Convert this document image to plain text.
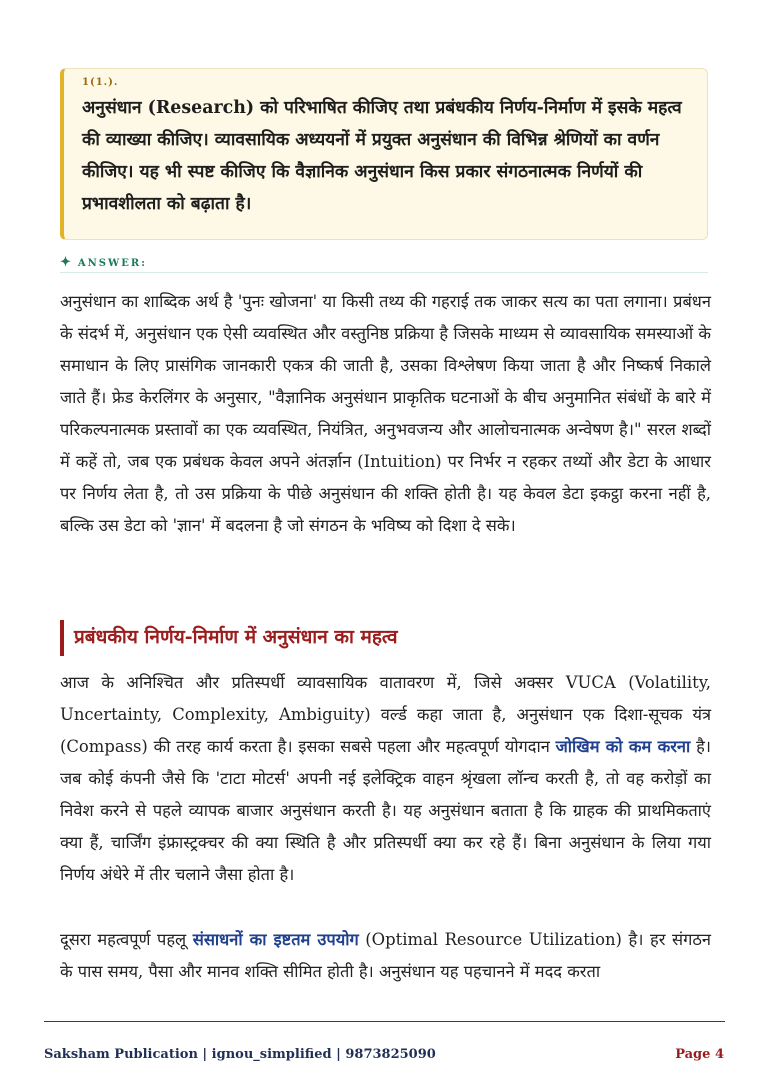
1(1.).
अनुसंधान (Research) को परिभाषित कीजिए तथा प्रबंधकीय निर्णय-निर्माण में इसके महत्व की व्याख्या कीजिए। व्यावसायिक अध्ययनों में प्रयुक्त अनुसंधान की विभिन्न श्रेणियों का वर्णन कीजिए। यह भी स्पष्ट कीजिए कि वैज्ञानिक अनुसंधान किस प्रकार संगठनात्मक निर्णयों की प्रभावशीलता को बढ़ाता है।
✦ ANSWER:

अनुसंधान का शाब्दिक अर्थ है 'पुनः खोजना' या किसी तथ्य की गहराई तक जाकर सत्य का पता लगाना। प्रबंधन के संदर्भ में, अनुसंधान एक ऐसी व्यवस्थित और वस्तुनिष्ठ प्रक्रिया है जिसके माध्यम से व्यावसायिक समस्याओं के समाधान के लिए प्रासंगिक जानकारी एकत्र की जाती है, उसका विश्लेषण किया जाता है और निष्कर्ष निकाले जाते हैं। फ्रेड केरलिंगर के अनुसार, "वैज्ञानिक अनुसंधान प्राकृतिक घटनाओं के बीच अनुमानित संबंधों के बारे में परिकल्पनात्मक प्रस्तावों का एक व्यवस्थित, नियंत्रित, अनुभवजन्य और आलोचनात्मक अन्वेषण है।" सरल शब्दों में कहें तो, जब एक प्रबंधक केवल अपने अंतर्ज्ञान (Intuition) पर निर्भर न रहकर तथ्यों और डेटा के आधार पर निर्णय लेता है, तो उस प्रक्रिया के पीछे अनुसंधान की शक्ति होती है। यह केवल डेटा इकट्ठा करना नहीं है, बल्कि उस डेटा को 'ज्ञान' में बदलना है जो संगठन के भविष्य को दिशा दे सके।

प्रबंधकीय निर्णय-निर्माण में अनुसंधान का महत्व

आज के अनिश्चित और प्रतिस्पर्धी व्यावसायिक वातावरण में, जिसे अक्सर VUCA (Volatility, Uncertainty, Complexity, Ambiguity) वर्ल्ड कहा जाता है, अनुसंधान एक दिशा-सूचक यंत्र (Compass) की तरह कार्य करता है। इसका सबसे पहला और महत्वपूर्ण योगदान जोखिम को कम करना है। जब कोई कंपनी जैसे कि 'टाटा मोटर्स' अपनी नई इलेक्ट्रिक वाहन श्रृंखला लॉन्च करती है, तो वह करोड़ों का निवेश करने से पहले व्यापक बाजार अनुसंधान करती है। यह अनुसंधान बताता है कि ग्राहक की प्राथमिकताएं क्या हैं, चार्जिंग इंफ्रास्ट्रक्चर की क्या स्थिति है और प्रतिस्पर्धी क्या कर रहे हैं। बिना अनुसंधान के लिया गया निर्णय अंधेरे में तीर चलाने जैसा होता है।

दूसरा महत्वपूर्ण पहलू संसाधनों का इष्टतम उपयोग (Optimal Resource Utilization) है। हर संगठन के पास समय, पैसा और मानव शक्ति सीमित होती है। अनुसंधान यह पहचानने में मदद करता

Saksham Publication | ignou_simplified | 9873825090	Page 4
